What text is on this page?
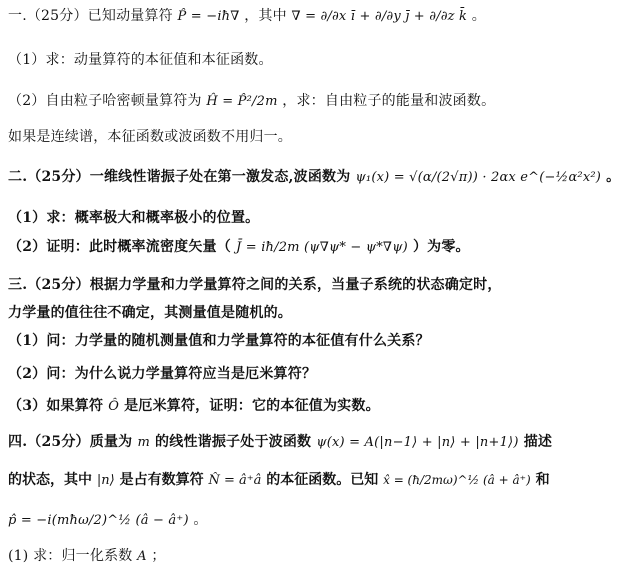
一.（25分）已知动量算符 P̂ = −iħ∇ ，其中 ∇ = ∂/∂x ī + ∂/∂y j̄ + ∂/∂z k̄ 。
（1）求：动量算符的本征值和本征函数。
（2）自由粒子哈密顿量算符为 Ĥ = P̂²/2m ，求：自由粒子的能量和波函数。
如果是连续谱，本征函数或波函数不用归一。
二.（25分）一维线性谐振子处在第一激发态,波函数为 ψ₁(x) = √(α/(2√π)) · 2αx e^(−½α²x²) 。
（1）求：概率极大和概率极小的位置。
（2）证明：此时概率流密度矢量（ J̄ = iħ/2m (ψ∇ψ* − ψ*∇ψ) ）为零。
三.（25分）根据力学量和力学量算符之间的关系，当量子系统的状态确定时，
力学量的值往往不确定，其测量值是随机的。
（1）问：力学量的随机测量值和力学量算符的本征值有什么关系？
（2）问：为什么说力学量算符应当是厄米算符？
（3）如果算符 Ô 是厄米算符，证明：它的本征值为实数。
四.（25分）质量为 m 的线性谐振子处于波函数 ψ(x) = A(|n−1⟩ + |n⟩ + |n+1⟩) 描述
的状态，其中 |n⟩ 是占有数算符 N̂ = â⁺â 的本征函数。已知 x̂ = (ħ/2mω)^½ (â + â⁺) 和
p̂ = −i(mħω/2)^½ (â − â⁺) 。
(1) 求：归一化系数 A ；
